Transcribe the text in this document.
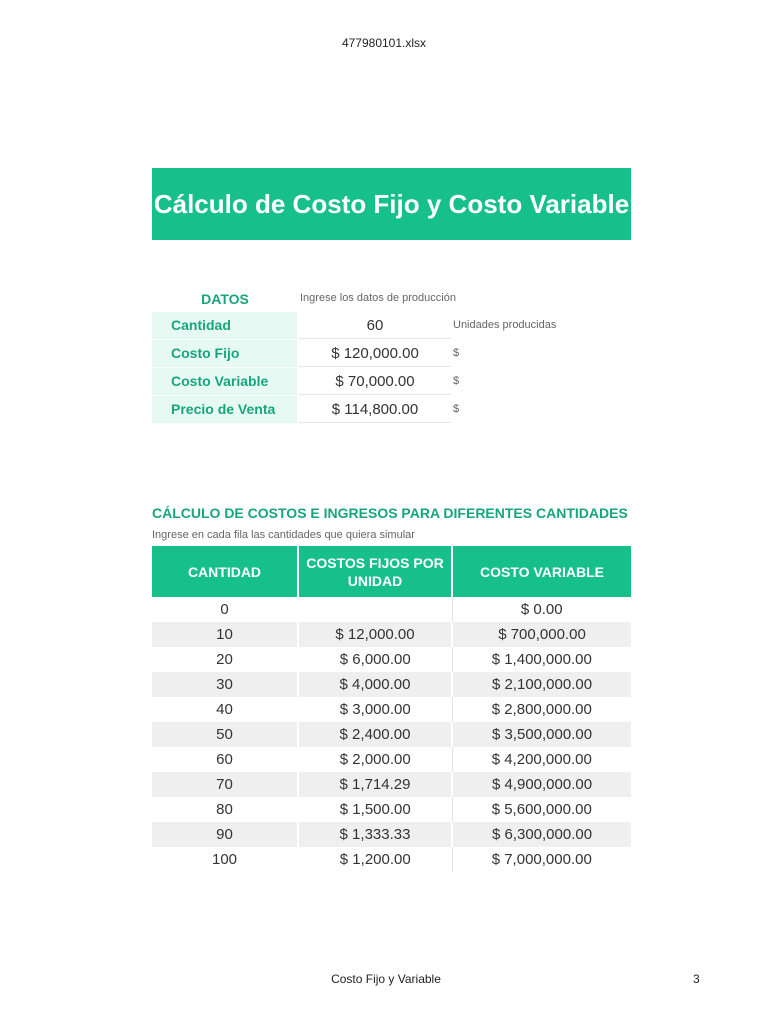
477980101.xlsx
Cálculo de Costo Fijo y Costo Variable
DATOS	Ingrese los datos de producción
Cantidad	60	Unidades producidas
Costo Fijo	$ 120,000.00	$
Costo Variable	$ 70,000.00	$
Precio de Venta	$ 114,800.00	$
CÁLCULO DE COSTOS E INGRESOS PARA DIFERENTES CANTIDADES
Ingrese en cada fila las cantidades que quiera simular
CANTIDAD	COSTOS FIJOS POR UNIDAD	COSTO VARIABLE
0		$ 0.00
10	$ 12,000.00	$ 700,000.00
20	$ 6,000.00	$ 1,400,000.00
30	$ 4,000.00	$ 2,100,000.00
40	$ 3,000.00	$ 2,800,000.00
50	$ 2,400.00	$ 3,500,000.00
60	$ 2,000.00	$ 4,200,000.00
70	$ 1,714.29	$ 4,900,000.00
80	$ 1,500.00	$ 5,600,000.00
90	$ 1,333.33	$ 6,300,000.00
100	$ 1,200.00	$ 7,000,000.00
Costo Fijo y Variable	3
